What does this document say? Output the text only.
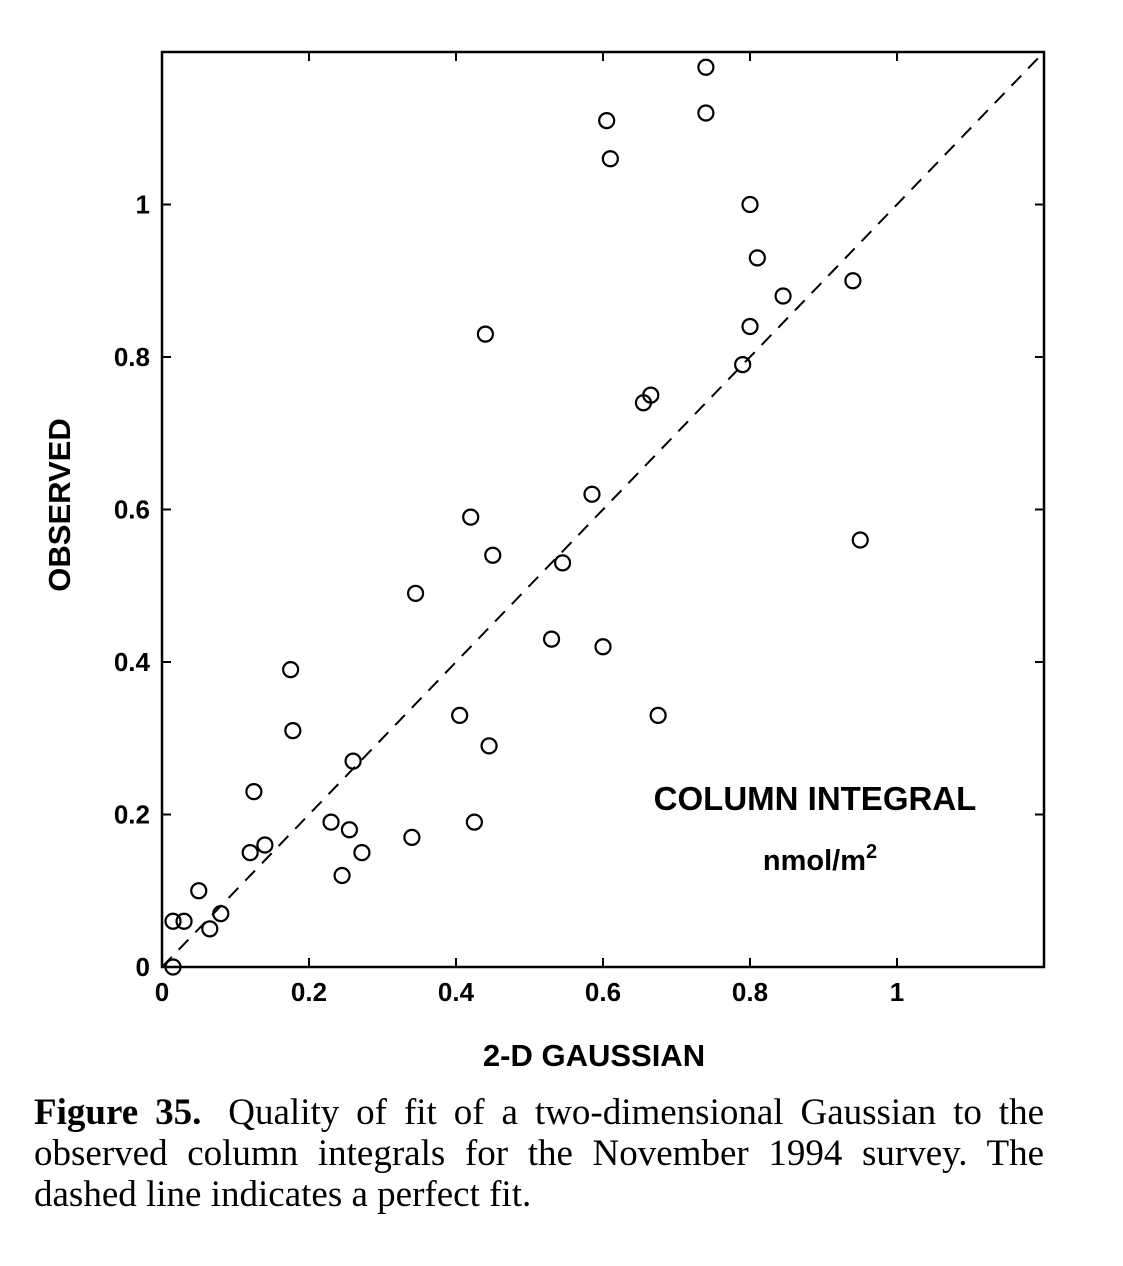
0	0.2	0.4	0.6	0.8	1
0
0.2
0.4
0.6
0.8
1
2-D GAUSSIAN
OBSERVED
COLUMN INTEGRAL
nmol/$m^2$
Figure 35. Quality of fit of a two-dimensional Gaussian to the observed column integrals for the November 1994 survey. The dashed line indicates a perfect fit.
